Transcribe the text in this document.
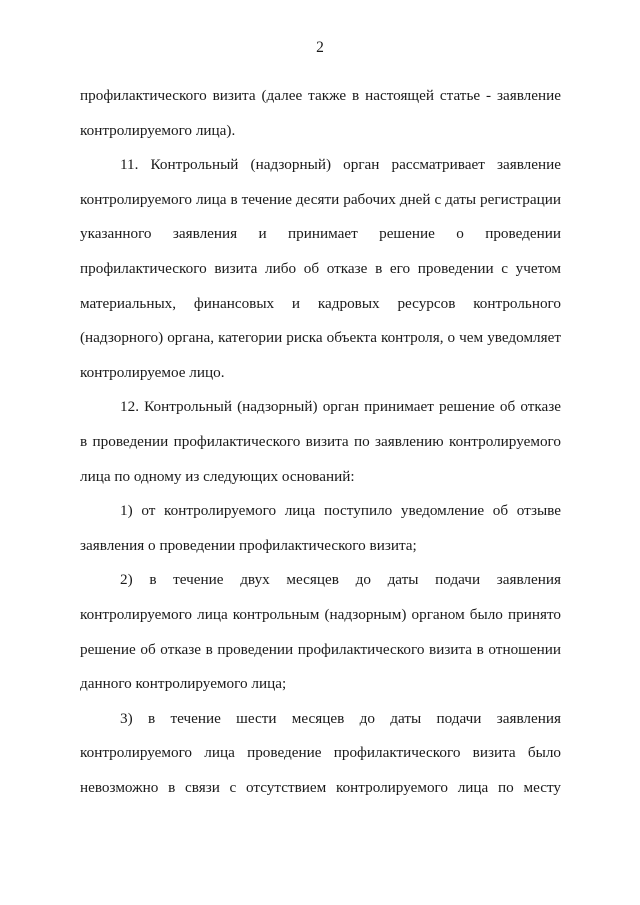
2

профилактического визита (далее также в настоящей статье - заявление контролируемого лица).

11. Контрольный (надзорный) орган рассматривает заявление контролируемого лица в течение десяти рабочих дней с даты регистрации указанного заявления и принимает решение о проведении профилактического визита либо об отказе в его проведении с учетом материальных, финансовых и кадровых ресурсов контрольного (надзорного) органа, категории риска объекта контроля, о чем уведомляет контролируемое лицо.

12. Контрольный (надзорный) орган принимает решение об отказе в проведении профилактического визита по заявлению контролируемого лица по одному из следующих оснований:

1) от контролируемого лица поступило уведомление об отзыве заявления о проведении профилактического визита;

2) в течение двух месяцев до даты подачи заявления контролируемого лица контрольным (надзорным) органом было принято решение об отказе в проведении профилактического визита в отношении данного контролируемого лица;

3) в течение шести месяцев до даты подачи заявления контролируемого лица проведение профилактического визита было невозможно в связи с отсутствием контролируемого лица по месту
